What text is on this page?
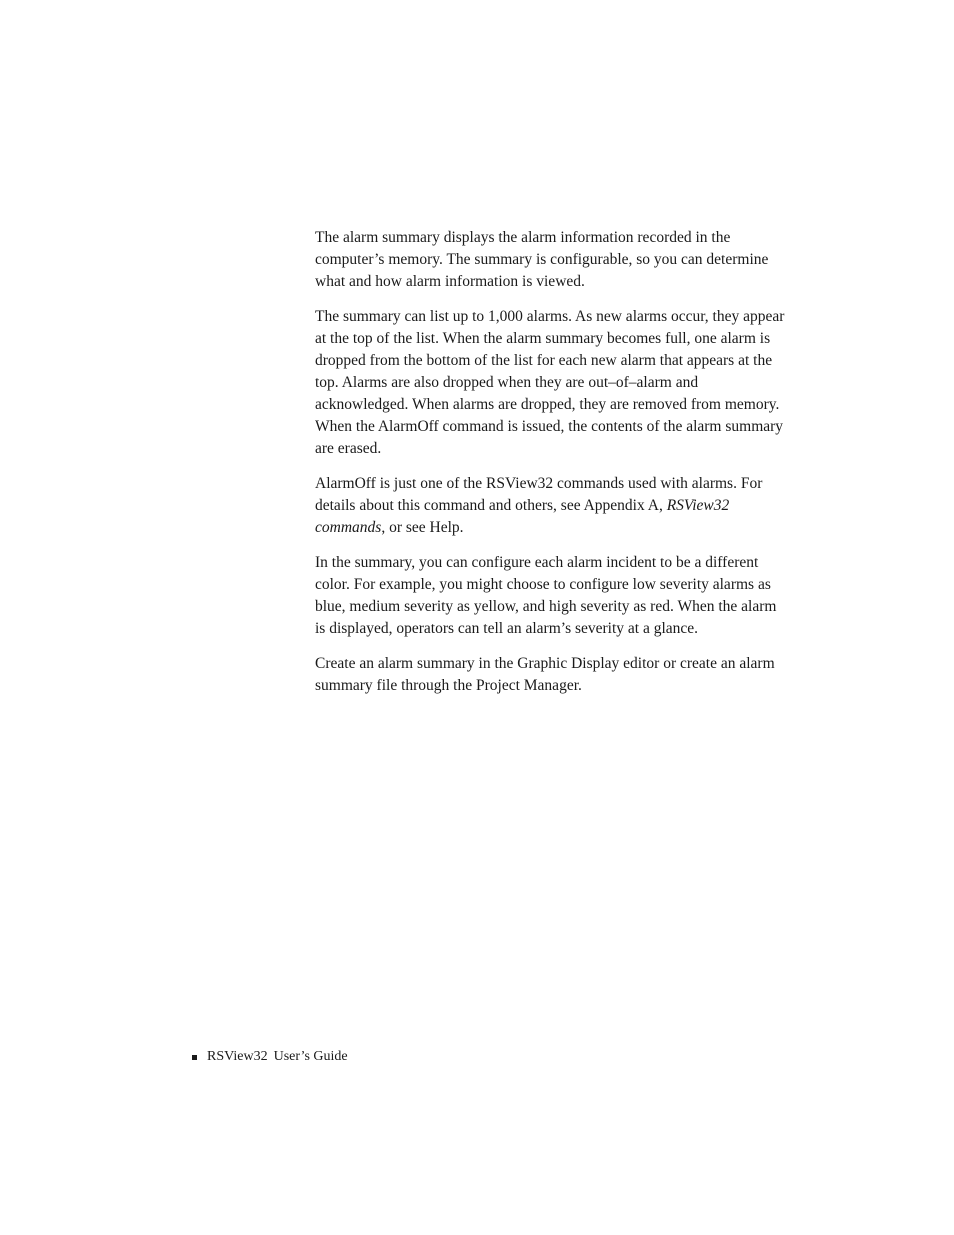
The alarm summary displays the alarm information recorded in the computer’s memory. The summary is configurable, so you can determine what and how alarm information is viewed.

The summary can list up to 1,000 alarms. As new alarms occur, they appear at the top of the list. When the alarm summary becomes full, one alarm is dropped from the bottom of the list for each new alarm that appears at the top. Alarms are also dropped when they are out–of–alarm and acknowledged. When alarms are dropped, they are removed from memory. When the AlarmOff command is issued, the contents of the alarm summary are erased.

AlarmOff is just one of the RSView32 commands used with alarms. For details about this command and others, see Appendix A, RSView32 commands, or see Help.

In the summary, you can configure each alarm incident to be a different color. For example, you might choose to configure low severity alarms as blue, medium severity as yellow, and high severity as red. When the alarm is displayed, operators can tell an alarm’s severity at a glance.

Create an alarm summary in the Graphic Display editor or create an alarm summary file through the Project Manager.

RSView32 User’s Guide
